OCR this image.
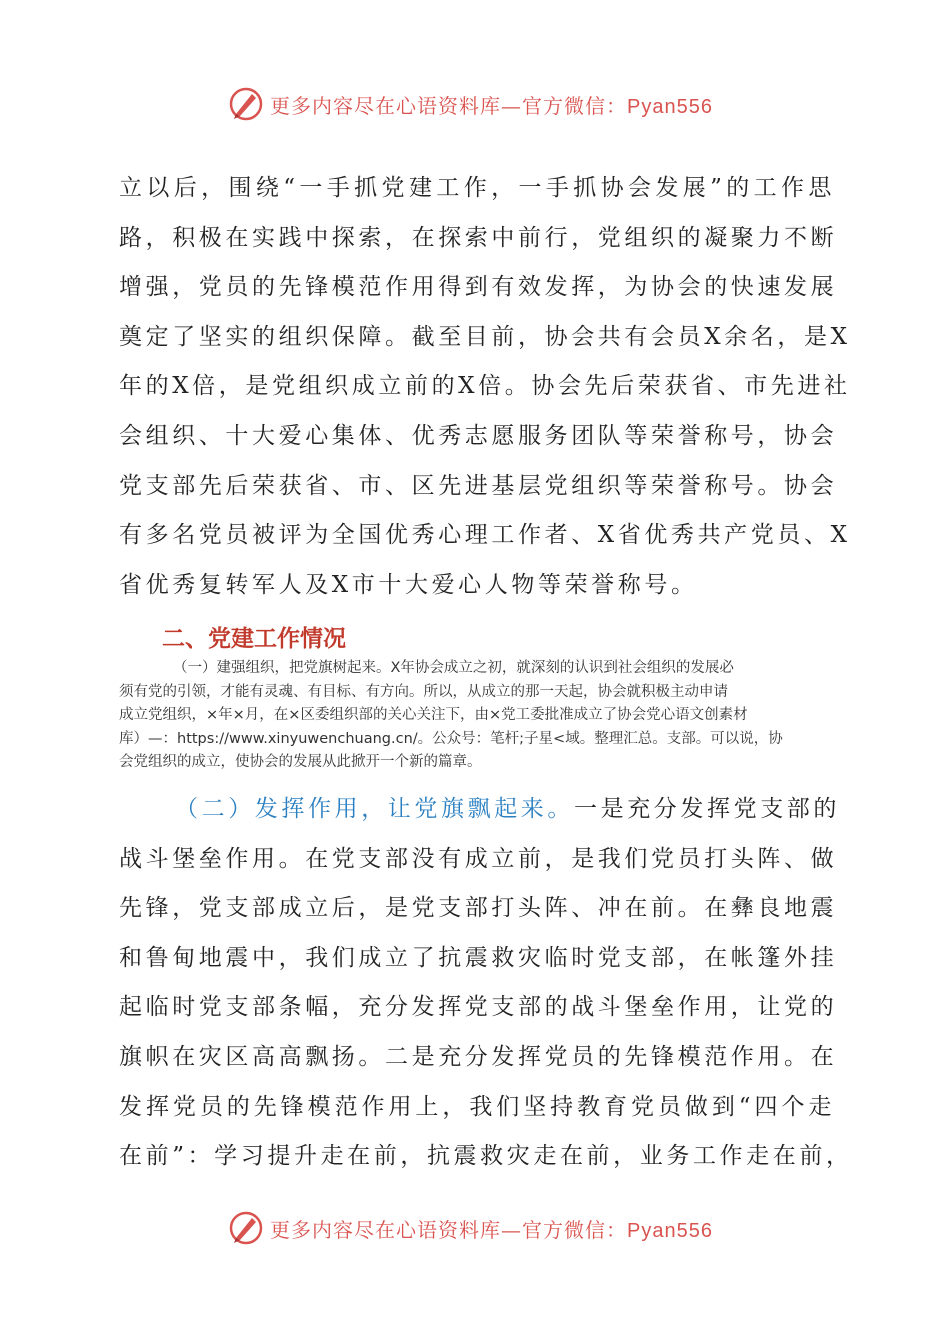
更多内容尽在心语资料库—官方微信：Pyan556
立以后，围绕“一手抓党建工作，一手抓协会发展”的工作思
路，积极在实践中探索，在探索中前行，党组织的凝聚力不断
增强，党员的先锋模范作用得到有效发挥，为协会的快速发展
奠定了坚实的组织保障。截至目前，协会共有会员X余名，是X
年的X倍，是党组织成立前的X倍。协会先后荣获省、市先进社
会组织、十大爱心集体、优秀志愿服务团队等荣誉称号，协会
党支部先后荣获省、市、区先进基层党组织等荣誉称号。协会
有多名党员被评为全国优秀心理工作者、X省优秀共产党员、X
省优秀复转军人及X市十大爱心人物等荣誉称号。
二、党建工作情况
（一）建强组织，把党旗树起来。X年协会成立之初，就深刻的认识到社会组织的发展必
须有党的引领，才能有灵魂、有目标、有方向。所以，从成立的那一天起，协会就积极主动申请
成立党组织，×年×月，在×区委组织部的关心关注下，由×党工委批准成立了协会党心语文创素材
库）—：https://www.xinyuwenchuang.cn/。公众号：笔杆;子星<域。整理汇总。支部。可以说，协
会党组织的成立，使协会的发展从此掀开一个新的篇章。
（二）发挥作用，让党旗飘起来。一是充分发挥党支部的
战斗堡垒作用。在党支部没有成立前，是我们党员打头阵、做
先锋，党支部成立后，是党支部打头阵、冲在前。在彝良地震
和鲁甸地震中，我们成立了抗震救灾临时党支部，在帐篷外挂
起临时党支部条幅，充分发挥党支部的战斗堡垒作用，让党的
旗帜在灾区高高飘扬。二是充分发挥党员的先锋模范作用。在
发挥党员的先锋模范作用上，我们坚持教育党员做到“四个走
在前”：学习提升走在前，抗震救灾走在前，业务工作走在前，
更多内容尽在心语资料库—官方微信：Pyan556
